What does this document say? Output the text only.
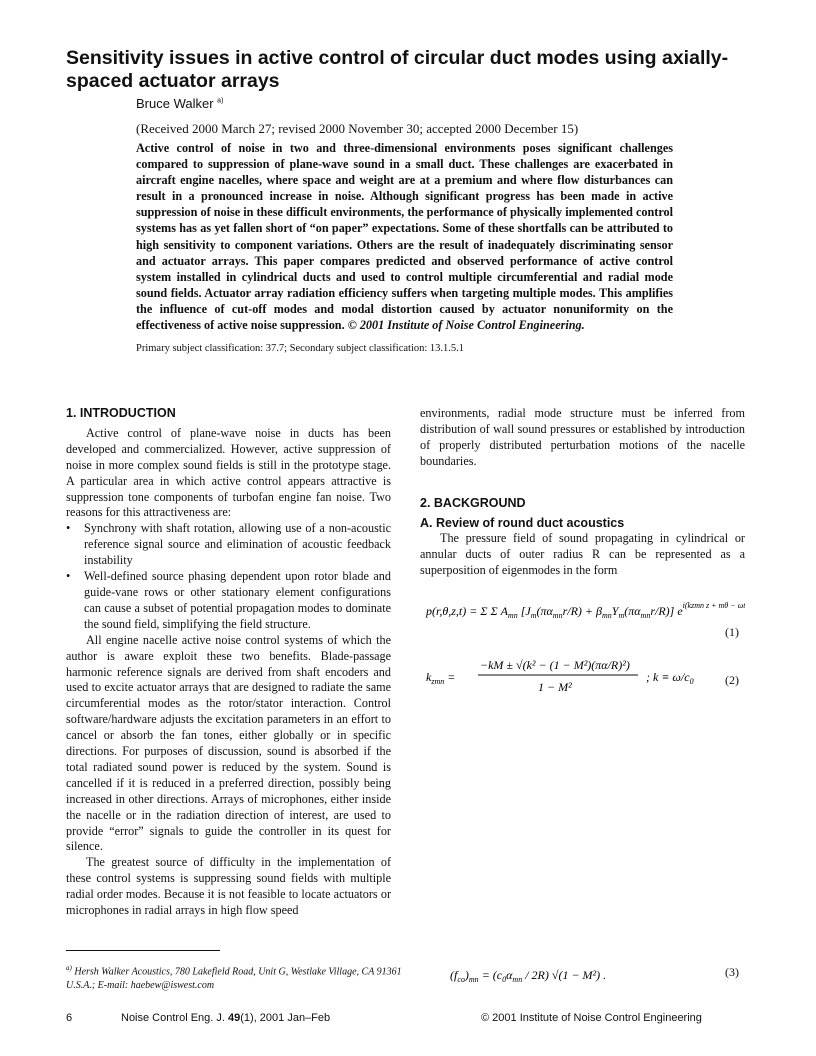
Sensitivity issues in active control of circular duct modes using axially-spaced actuator arrays
Bruce Walker $^{a)}$
(Received 2000 March 27; revised 2000 November 30; accepted 2000 December 15)

Active control of noise in two and three-dimensional environments poses significant challenges compared to suppression of plane-wave sound in a small duct. These challenges are exacerbated in aircraft engine nacelles, where space and weight are at a premium and where flow disturbances can result in a pronounced increase in noise. Although significant progress has been made in active suppression of noise in these difficult environments, the performance of physically implemented control systems has as yet fallen short of “on paper” expectations. Some of these shortfalls can be attributed to high sensitivity to component variations. Others are the result of inadequately discriminating sensor and actuator arrays. This paper compares predicted and observed performance of active control system installed in cylindrical ducts and used to control multiple circumferential and radial mode sound fields. Actuator array radiation efficiency suffers when targeting multiple modes. This amplifies the influence of cut-off modes and modal distortion caused by actuator nonuniformity on the effectiveness of active noise suppression. © 2001 Institute of Noise Control Engineering.

Primary subject classification: 37.7; Secondary subject classification: 13.1.5.1
1. INTRODUCTION

Active control of plane-wave noise in ducts has been developed and commercialized. However, active suppression of noise in more complex sound fields is still in the prototype stage. A particular area in which active control appears attractive is suppression tone components of turbofan engine fan noise. Two reasons for this attractiveness are:

• Synchrony with shaft rotation, allowing use of a non-acoustic reference signal source and elimination of acoustic feedback instability
• Well-defined source phasing dependent upon rotor blade and guide-vane rows or other stationary element configurations can cause a subset of potential propagation modes to dominate the sound field, simplifying the field structure.

All engine nacelle active noise control systems of which the author is aware exploit these two benefits. Blade-passage harmonic reference signals are derived from shaft encoders and used to excite actuator arrays that are designed to radiate the same circumferential modes as the rotor/stator interaction. Control software/hardware adjusts the excitation parameters in an effort to cancel or absorb the fan tones, either globally or in specific directions. For purposes of discussion, sound is absorbed if the total radiated sound power is reduced by the system. Sound is cancelled if it is reduced in a preferred direction, possibly being increased in other directions. Arrays of microphones, either inside the nacelle or in the radiation direction of interest, are used to provide “error” signals to guide the controller in its quest for silence.

The greatest source of difficulty in the implementation of these control systems is suppressing sound fields with multiple radial order modes. Because it is not feasible to locate actuators or microphones in radial arrays in high flow speed

environments, radial mode structure must be inferred from distribution of wall sound pressures or established by introduction of properly distributed perturbation motions of the nacelle boundaries.

2. BACKGROUND
A. Review of round duct acoustics

The pressure field of sound propagating in cylindrical or annular ducts of outer radius R can be represented as a superposition of eigenmodes in the form

p(r,θ,z,t) = Σ Σ $A_{mn}$ $[J_m(\pi\alpha_{mn}r/R) + \beta_{mn}Y_m(\pi\alpha_{mn}r/R)]$ $e^{i(kzmn z + m\theta - \omega t)}$
(1)
$k_{zmn}$ =
−kM ± √(k² − (1 − M²)(πα/R)²)
1 − M²
; $k \equiv \omega/c_0$	(2)
$(f_{co})_{mn} = (c_0\alpha_{mn} / 2R) √(1 - M^2)$ .	(3)
$^{a)}$ Hersh Walker Acoustics, 780 Lakefield Road, Unit G, Westlake Village, CA 91361 U.S.A.; E-mail: haebew@iswest.com
6	Noise Control Eng. J. 49(1), 2001 Jan–Feb	© 2001 Institute of Noise Control Engineering
